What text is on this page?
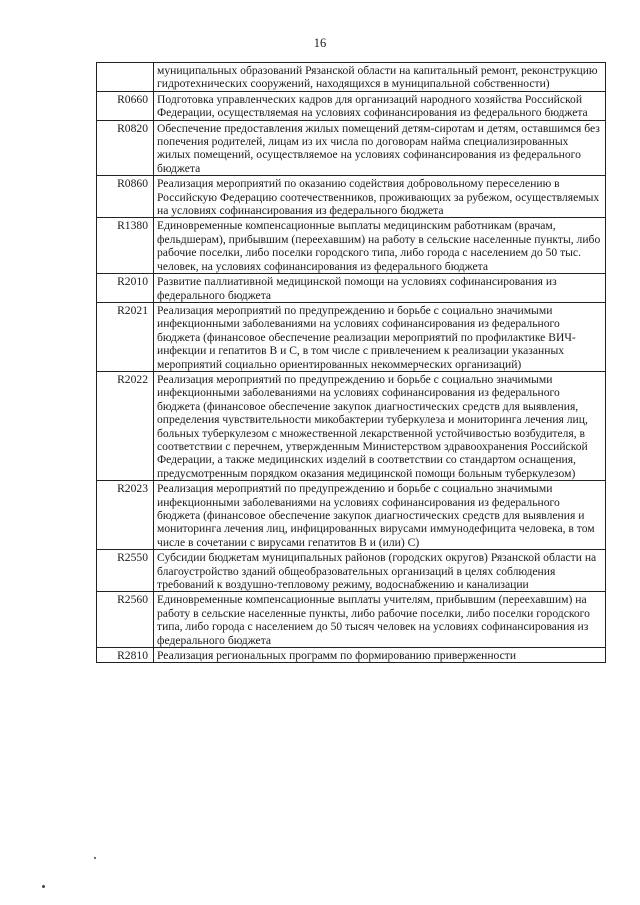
16
	муниципальных образований Рязанской области на капитальный ремонт, реконструкцию гидротехнических сооружений, находящихся в муниципальной собственности)
R0660	Подготовка управленческих кадров для организаций народного хозяйства Российской Федерации, осуществляемая на условиях софинансирования из федерального бюджета
R0820	Обеспечение предоставления жилых помещений детям-сиротам и детям, оставшимся без попечения родителей, лицам из их числа по договорам найма специализированных жилых помещений, осуществляемое на условиях софинансирования из федерального бюджета
R0860	Реализация мероприятий по оказанию содействия добровольному переселению в Российскую Федерацию соотечественников, проживающих за рубежом, осуществляемых на условиях софинансирования из федерального бюджета
R1380	Единовременные компенсационные выплаты медицинским работникам (врачам, фельдшерам), прибывшим (переехавшим) на работу в сельские населенные пункты, либо рабочие поселки, либо поселки городского типа, либо города с населением до 50 тыс. человек, на условиях софинансирования из федерального бюджета
R2010	Развитие паллиативной медицинской помощи на условиях софинансирования из федерального бюджета
R2021	Реализация мероприятий по предупреждению и борьбе с социально значимыми инфекционными заболеваниями на условиях софинансирования из федерального бюджета (финансовое обеспечение реализации мероприятий по профилактике ВИЧ-инфекции и гепатитов В и С, в том числе с привлечением к реализации указанных мероприятий социально ориентированных некоммерческих организаций)
R2022	Реализация мероприятий по предупреждению и борьбе с социально значимыми инфекционными заболеваниями на условиях софинансирования из федерального бюджета (финансовое обеспечение закупок диагностических средств для выявления, определения чувствительности микобактерии туберкулеза и мониторинга лечения лиц, больных туберкулезом с множественной лекарственной устойчивостью возбудителя, в соответствии с перечнем, утвержденным Министерством здравоохранения Российской Федерации, а также медицинских изделий в соответствии со стандартом оснащения, предусмотренным порядком оказания медицинской помощи больным туберкулезом)
R2023	Реализация мероприятий по предупреждению и борьбе с социально значимыми инфекционными заболеваниями на условиях софинансирования из федерального бюджета (финансовое обеспечение закупок диагностических средств для выявления и мониторинга лечения лиц, инфицированных вирусами иммунодефицита человека, в том числе в сочетании с вирусами гепатитов В и (или) С)
R2550	Субсидии бюджетам муниципальных районов (городских округов) Рязанской области на благоустройство зданий общеобразовательных организаций в целях соблюдения требований к воздушно-тепловому режиму, водоснабжению и канализации
R2560	Единовременные компенсационные выплаты учителям, прибывшим (переехавшим) на работу в сельские населенные пункты, либо рабочие поселки, либо поселки городского типа, либо города с населением до 50 тысяч человек на условиях софинансирования из федерального бюджета
R2810	Реализация региональных программ по формированию приверженности
